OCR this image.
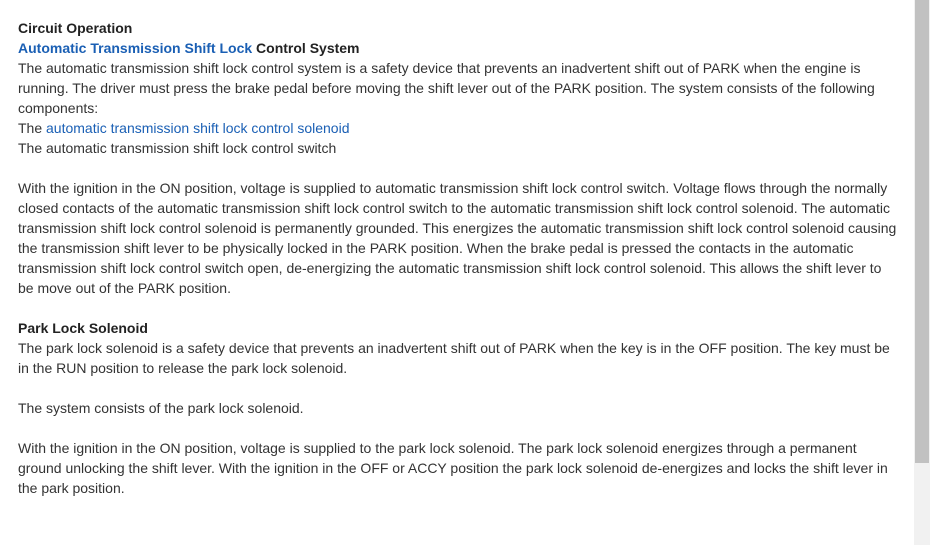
Circuit Operation

Automatic Transmission Shift Lock Control System

The automatic transmission shift lock control system is a safety device that prevents an inadvertent shift out of PARK when the engine is running. The driver must press the brake pedal before moving the shift lever out of the PARK position. The system consists of the following components:

The automatic transmission shift lock control solenoid

The automatic transmission shift lock control switch

With the ignition in the ON position, voltage is supplied to automatic transmission shift lock control switch. Voltage flows through the normally closed contacts of the automatic transmission shift lock control switch to the automatic transmission shift lock control solenoid. The automatic transmission shift lock control solenoid is permanently grounded. This energizes the automatic transmission shift lock control solenoid causing the transmission shift lever to be physically locked in the PARK position. When the brake pedal is pressed the contacts in the automatic transmission shift lock control switch open, de-energizing the automatic transmission shift lock control solenoid. This allows the shift lever to be move out of the PARK position.

Park Lock Solenoid

The park lock solenoid is a safety device that prevents an inadvertent shift out of PARK when the key is in the OFF position. The key must be in the RUN position to release the park lock solenoid.

The system consists of the park lock solenoid.

With the ignition in the ON position, voltage is supplied to the park lock solenoid. The park lock solenoid energizes through a permanent ground unlocking the shift lever. With the ignition in the OFF or ACCY position the park lock solenoid de-energizes and locks the shift lever in the park position.
